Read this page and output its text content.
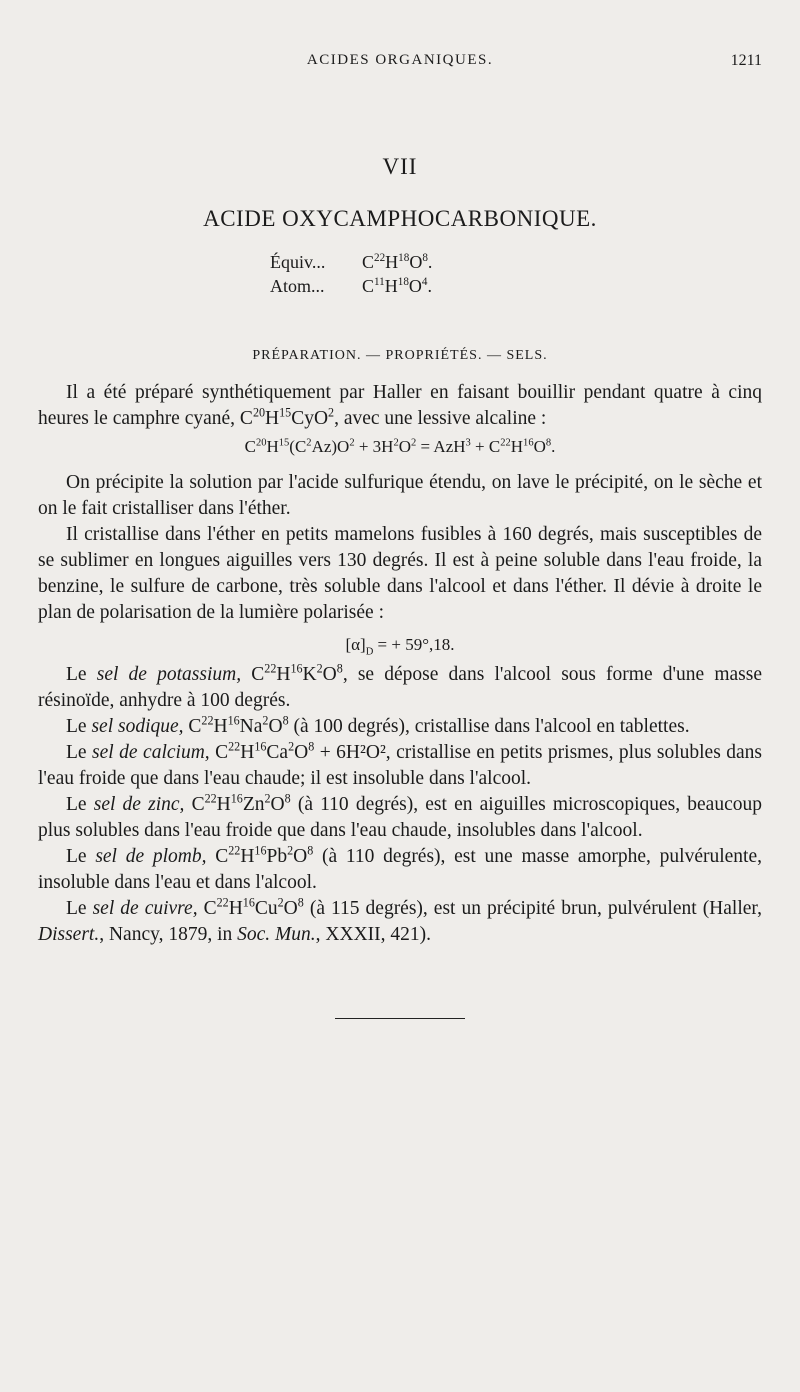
ACIDES ORGANIQUES.	1211
VII
ACIDE OXYCAMPHOCARBONIQUE.
Équiv... $C^{22}H^{18}O^8$.
Atom... $C^{11}H^{18}O^4$.
PRÉPARATION. — PROPRIÉTÉS. — SELS.

Il a été préparé synthétiquement par Haller en faisant bouillir pendant quatre à cinq heures le camphre cyané, $C^{20}H^{15}CyO^2$, avec une lessive alcaline :

$C^{20}H^{15}(C^2Az)O^2 + 3H^2O^2 = AzH^3 + C^{22}H^{16}O^8$.

On précipite la solution par l'acide sulfurique étendu, on lave le précipité, on le sèche et on le fait cristalliser dans l'éther.

Il cristallise dans l'éther en petits mamelons fusibles à 160 degrés, mais susceptibles de se sublimer en longues aiguilles vers 130 degrés. Il est à peine soluble dans l'eau froide, la benzine, le sulfure de carbone, très soluble dans l'alcool et dans l'éther. Il dévie à droite le plan de polarisation de la lumière polarisée :

$[\alpha]_D$ = + 59°,18.

Le sel de potassium, $C^{22}H^{16}K^2O^8$, se dépose dans l'alcool sous forme d'une masse résinoïde, anhydre à 100 degrés.

Le sel sodique, $C^{22}H^{16}Na^2O^8$ (à 100 degrés), cristallise dans l'alcool en tablettes.

Le sel de calcium, $C^{22}H^{16}Ca^2O^8 + 6H^2O^2$, cristallise en petits prismes, plus solubles dans l'eau froide que dans l'eau chaude; il est insoluble dans l'alcool.

Le sel de zinc, $C^{22}H^{16}Zn^2O^8$ (à 110 degrés), est en aiguilles microscopiques, beaucoup plus solubles dans l'eau froide que dans l'eau chaude, insolubles dans l'alcool.

Le sel de plomb, $C^{22}H^{16}Pb^2O^8$ (à 110 degrés), est une masse amorphe, pulvérulente, insoluble dans l'eau et dans l'alcool.

Le sel de cuivre, $C^{22}H^{16}Cu^2O^8$ (à 115 degrés), est un précipité brun, pulvérulent (Haller, Dissert., Nancy, 1879, in Soc. Mun., XXXII, 421).
